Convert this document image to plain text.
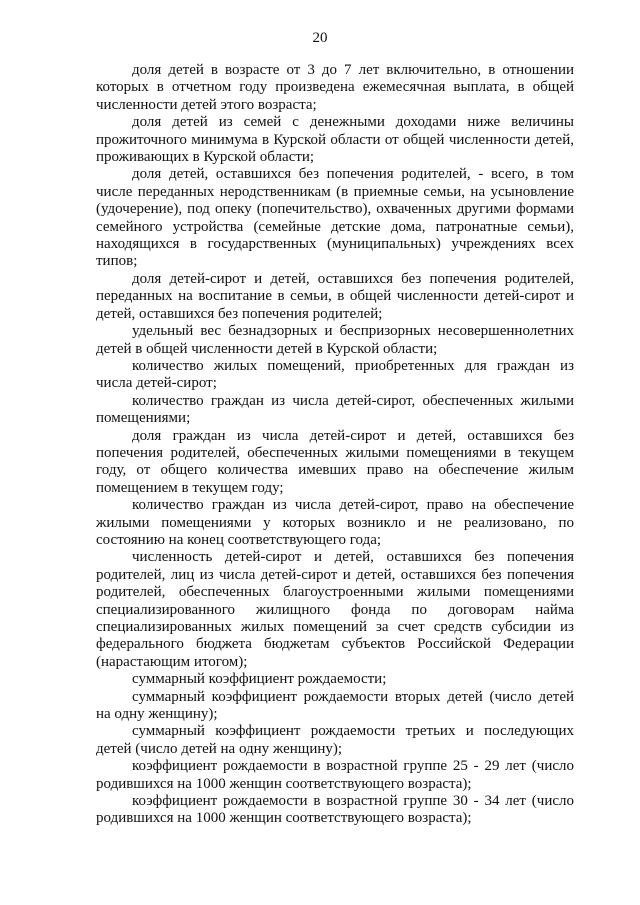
20

доля детей в возрасте от 3 до 7 лет включительно, в отношении которых в отчетном году произведена ежемесячная выплата, в общей численности детей этого возраста;

доля детей из семей с денежными доходами ниже величины прожиточного минимума в Курской области от общей численности детей, проживающих в Курской области;

доля детей, оставшихся без попечения родителей, - всего, в том числе переданных неродственникам (в приемные семьи, на усыновление (удочерение), под опеку (попечительство), охваченных другими формами семейного устройства (семейные детские дома, патронатные семьи), находящихся в государственных (муниципальных) учреждениях всех типов;

доля детей-сирот и детей, оставшихся без попечения родителей, переданных на воспитание в семьи, в общей численности детей-сирот и детей, оставшихся без попечения родителей;

удельный вес безнадзорных и беспризорных несовершеннолетних детей в общей численности детей в Курской области;

количество жилых помещений, приобретенных для граждан из числа детей-сирот;

количество граждан из числа детей-сирот, обеспеченных жилыми помещениями;

доля граждан из числа детей-сирот и детей, оставшихся без попечения родителей, обеспеченных жилыми помещениями в текущем году, от общего количества имевших право на обеспечение жилым помещением в текущем году;

количество граждан из числа детей-сирот, право на обеспечение жилыми помещениями у которых возникло и не реализовано, по состоянию на конец соответствующего года;

численность детей-сирот и детей, оставшихся без попечения родителей, лиц из числа детей-сирот и детей, оставшихся без попечения родителей, обеспеченных благоустроенными жилыми помещениями специализированного жилищного фонда по договорам найма специализированных жилых помещений за счет средств субсидии из федерального бюджета бюджетам субъектов Российской Федерации (нарастающим итогом);

суммарный коэффициент рождаемости;

суммарный коэффициент рождаемости вторых детей (число детей на одну женщину);

суммарный коэффициент рождаемости третьих и последующих детей (число детей на одну женщину);

коэффициент рождаемости в возрастной группе 25 - 29 лет (число родившихся на 1000 женщин соответствующего возраста);

коэффициент рождаемости в возрастной группе 30 - 34 лет (число родившихся на 1000 женщин соответствующего возраста);
